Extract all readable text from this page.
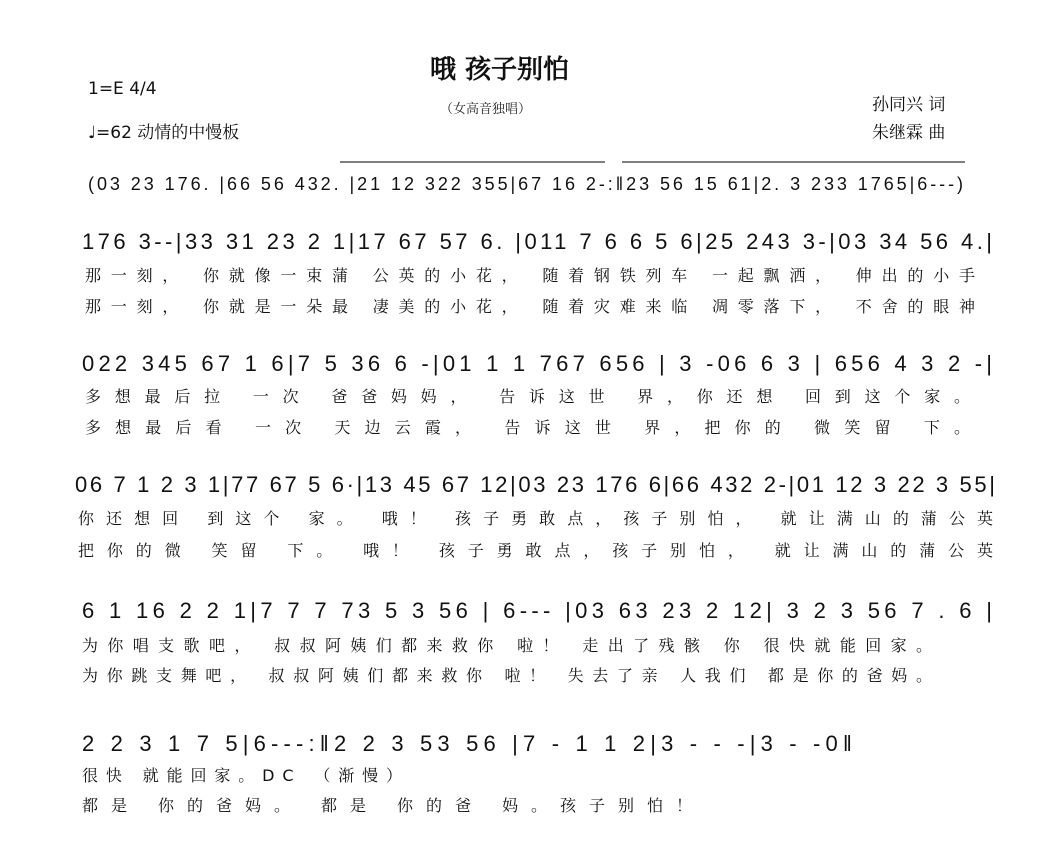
哦 孩子别怕
（女高音独唱）
1=E 4/4
♩=62 动情的中慢板
孙同兴 词
朱继霖 曲
(03 23 176. |66 56 432. |21 12 322 355|67 16 2-:‖23 56 15 61|2. 3 233 1765|6---)
176 3--|33 31 23 2 1|17 67 57 6. |011 7 6 6 5 6|25 243 3-|03 34 56 4.|
那一刻， 你就像一束蒲 公英的小花， 随着钢铁列车 一起飘洒， 伸出的小手
那一刻， 你就是一朵最 凄美的小花， 随着灾难来临 凋零落下， 不舍的眼神
022 345 67 1 6|7 5 36 6 -|01 1 1 767 656 | 3 -06 6 3 | 656 4 3 2 -|
多想最后拉 一次 爸爸妈妈， 告诉这世 界，你还想 回到这个家。
多想最后看 一次 天边云霞， 告诉这世 界，把你的 微笑留 下。
06 7 1 2 3 1|77 67 5 6·|13 45 67 12|03 23 176 6|66 432 2-|01 12 3 22 3 55|
你还想回 到这个 家。 哦！ 孩子勇敢点，孩子别怕， 就让满山的蒲公英
把你的微 笑留 下。 哦！ 孩子勇敢点，孩子别怕， 就让满山的蒲公英
6 1 16 2 2 1|7 7 7 73 5 3 56 | 6--- |03 63 23 2 12| 3 2 3 56 7 . 6 |
为你唱支歌吧， 叔叔阿姨们都来救你 啦！ 走出了残骸 你 很快就能回家。
为你跳支舞吧， 叔叔阿姨们都来救你 啦！ 失去了亲 人我们 都是你的爸妈。
2 2 3 1 7 5|6---:‖2 2 3 53 56 |7 - 1 1 2|3 - - -|3 - -0‖
很快 就能回家。DC （渐慢）
都是 你的爸妈。 都是 你的爸 妈。孩子别怕！
